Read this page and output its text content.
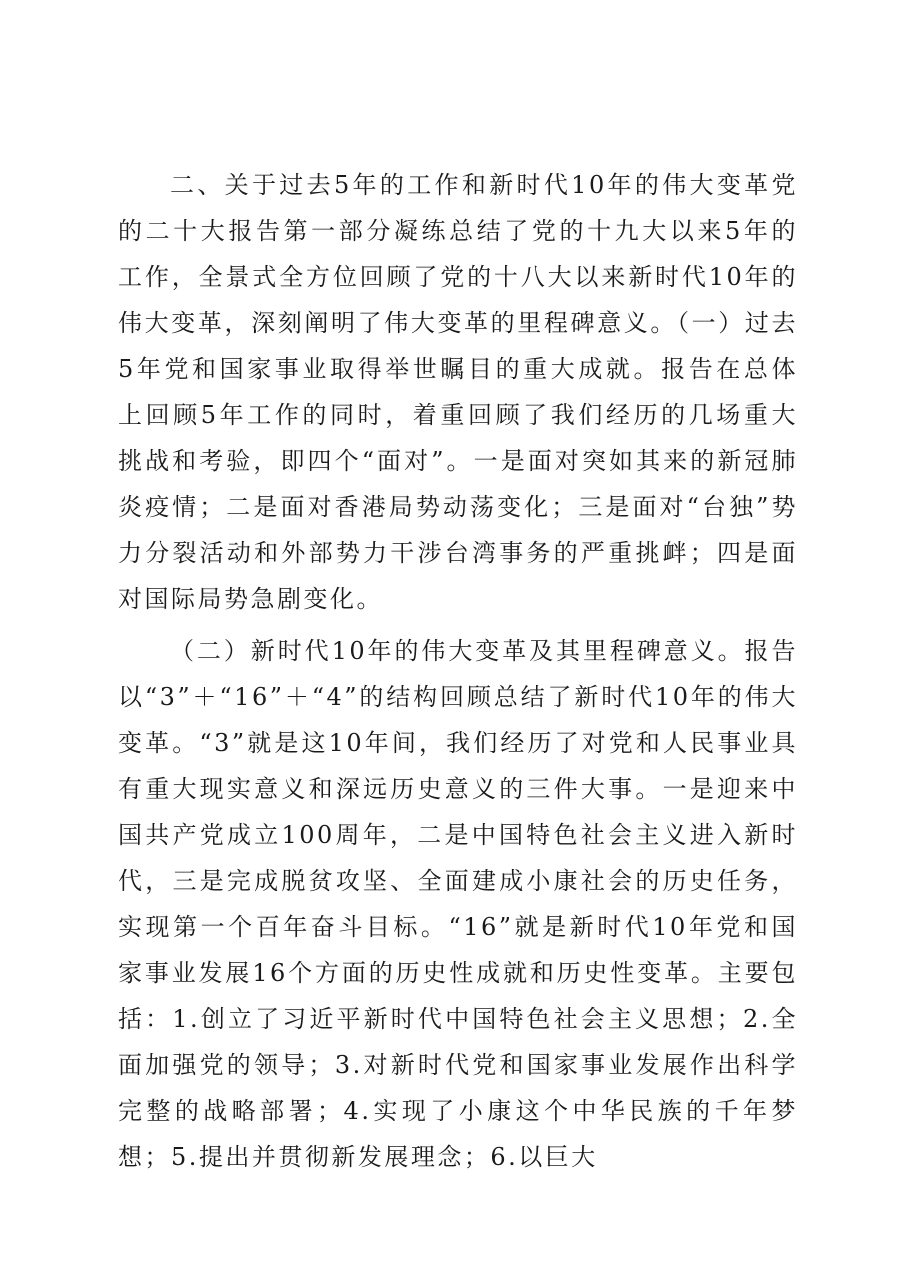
二、关于过去5年的工作和新时代10年的伟大变革党的二十大报告第一部分凝练总结了党的十九大以来5年的工作，全景式全方位回顾了党的十八大以来新时代10年的伟大变革，深刻阐明了伟大变革的里程碑意义。（一）过去5年党和国家事业取得举世瞩目的重大成就。报告在总体上回顾5年工作的同时，着重回顾了我们经历的几场重大挑战和考验，即四个“面对”。一是面对突如其来的新冠肺炎疫情；二是面对香港局势动荡变化；三是面对“台独”势力分裂活动和外部势力干涉台湾事务的严重挑衅；四是面对国际局势急剧变化。

（二）新时代10年的伟大变革及其里程碑意义。报告以“3”＋“16”＋“4”的结构回顾总结了新时代10年的伟大变革。“3”就是这10年间，我们经历了对党和人民事业具有重大现实意义和深远历史意义的三件大事。一是迎来中国共产党成立100周年，二是中国特色社会主义进入新时代，三是完成脱贫攻坚、全面建成小康社会的历史任务，实现第一个百年奋斗目标。“16”就是新时代10年党和国家事业发展16个方面的历史性成就和历史性变革。主要包括：1.创立了习近平新时代中国特色社会主义思想；2.全面加强党的领导；3.对新时代党和国家事业发展作出科学完整的战略部署；4.实现了小康这个中华民族的千年梦想；5.提出并贯彻新发展理念；6.以巨大
